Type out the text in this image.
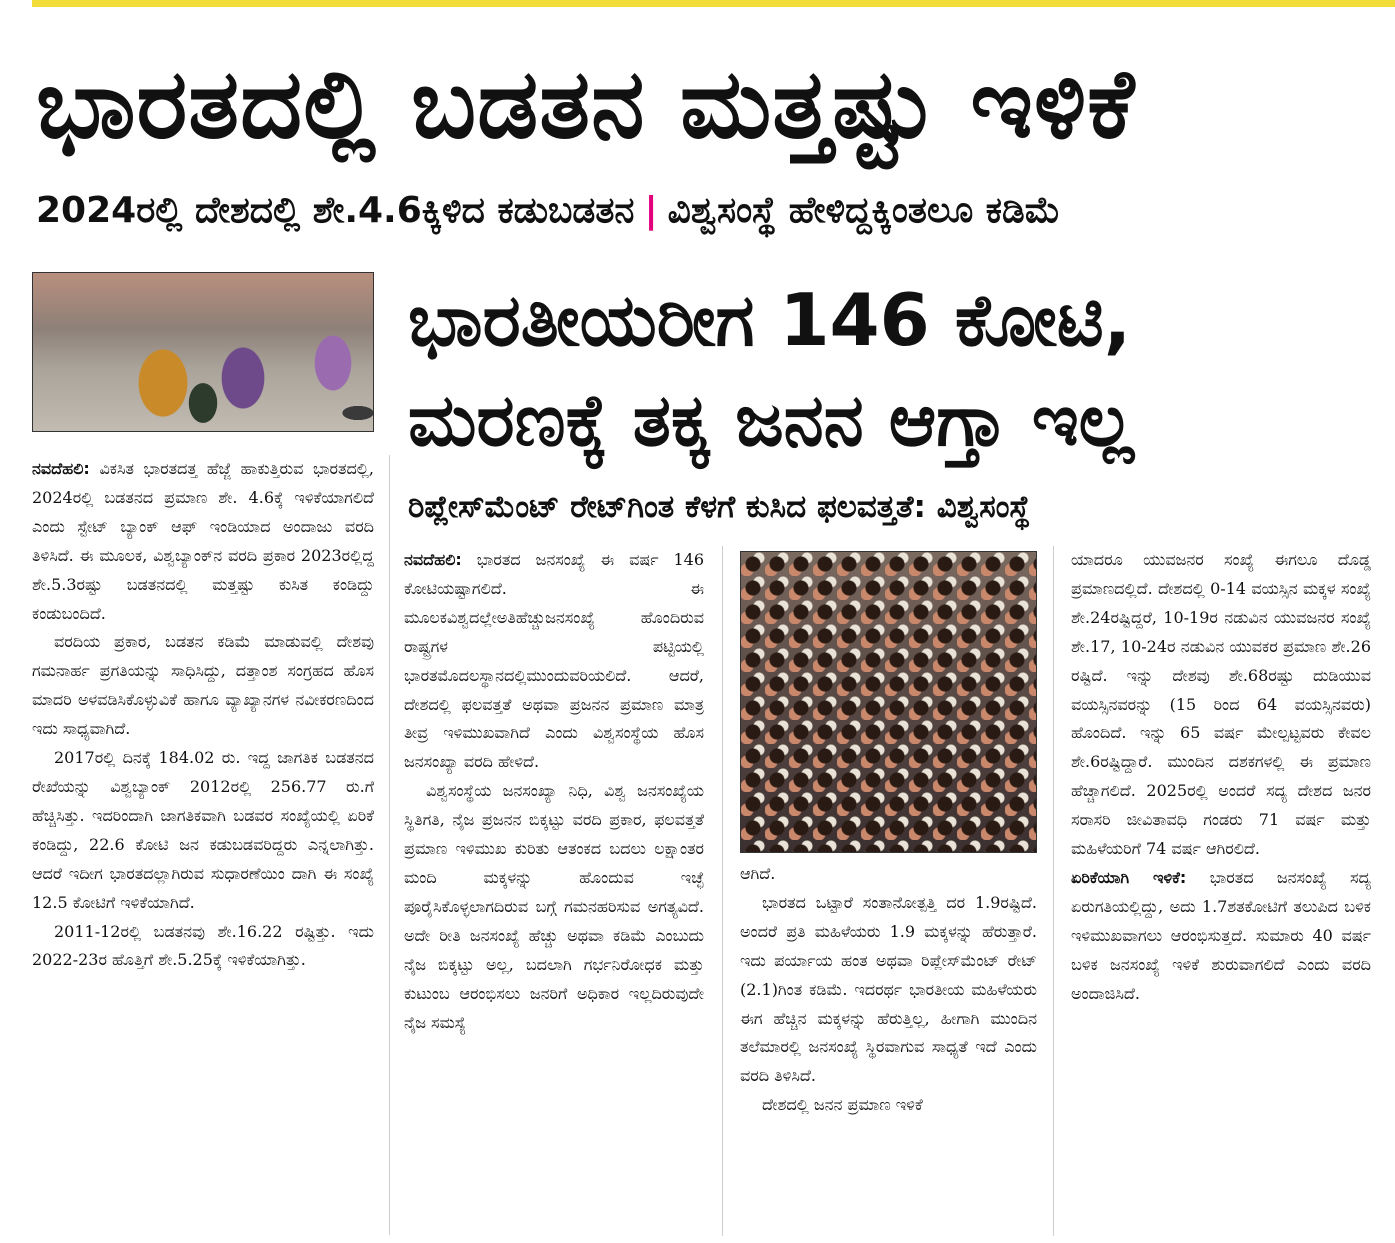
ಭಾರತದಲ್ಲಿ ಬಡತನ ಮತ್ತಷ್ಟು ಇಳಿಕೆ
2024ರಲ್ಲಿ ದೇಶದಲ್ಲಿ ಶೇ.4.6ಕ್ಕಿಳಿದ ಕಡುಬಡತನ | ವಿಶ್ವಸಂಸ್ಥೆ ಹೇಳಿದ್ದಕ್ಕಿಂತಲೂ ಕಡಿಮೆ
ಭಾರತೀಯರೀಗ 146 ಕೋಟಿ,
ಮರಣಕ್ಕೆ ತಕ್ಕ ಜನನ ಆಗ್ತಾ ಇಲ್ಲ
ರಿಪ್ಲೇಸ್‌ಮೆಂಟ್ ರೇಟ್‌ಗಿಂತ ಕೆಳಗೆ ಕುಸಿದ ಫಲವತ್ತತೆ: ವಿಶ್ವಸಂಸ್ಥೆ

ನವದೆಹಲಿ: ವಿಕಸಿತ ಭಾರತದತ್ತ ಹೆಜ್ಜೆ ಹಾಕುತ್ತಿರುವ ಭಾರತದಲ್ಲಿ, 2024ರಲ್ಲಿ ಬಡತನದ ಪ್ರಮಾಣ ಶೇ. 4.6ಕ್ಕೆ ಇಳಿಕೆಯಾಗಲಿದೆ ಎಂದು ಸ್ಟೇಟ್ ಬ್ಯಾಂಕ್ ಆಫ್ ಇಂಡಿಯಾದ ಅಂದಾಜು ವರದಿ ತಿಳಿಸಿದೆ. ಈ ಮೂಲಕ, ವಿಶ್ವಬ್ಯಾಂಕ್‌ನ ವರದಿ ಪ್ರಕಾರ 2023ರಲ್ಲಿದ್ದ ಶೇ.5.3ರಷ್ಟು ಬಡತನದಲ್ಲಿ ಮತ್ತಷ್ಟು ಕುಸಿತ ಕಂಡಿದ್ದು ಕಂಡುಬಂದಿದೆ.

ವರದಿಯ ಪ್ರಕಾರ, ಬಡತನ ಕಡಿಮೆ ಮಾಡುವಲ್ಲಿ ದೇಶವು ಗಮನಾರ್ಹ ಪ್ರಗತಿಯನ್ನು ಸಾಧಿಸಿದ್ದು, ದತ್ತಾಂಶ ಸಂಗ್ರಹದ ಹೊಸ ಮಾದರಿ ಅಳವಡಿಸಿಕೊಳ್ಳುವಿಕೆ ಹಾಗೂ ವ್ಯಾಖ್ಯಾನಗಳ ನವೀಕರಣದಿಂದ ಇದು ಸಾಧ್ಯವಾಗಿದೆ.

2017ರಲ್ಲಿ ದಿನಕ್ಕೆ 184.02 ರು. ಇದ್ದ ಜಾಗತಿಕ ಬಡತನದ ರೇಖೆಯನ್ನು ವಿಶ್ವಬ್ಯಾಂಕ್ 2012ರಲ್ಲಿ 256.77 ರು.ಗೆ ಹೆಚ್ಚಿಸಿತ್ತು. ಇದರಿಂದಾಗಿ ಜಾಗತಿಕವಾಗಿ ಬಡವರ ಸಂಖ್ಯೆಯಲ್ಲಿ ಏರಿಕೆ ಕಂಡಿದ್ದು, 22.6 ಕೋಟಿ ಜನ ಕಡುಬಡವರಿದ್ದರು ಎನ್ನಲಾಗಿತ್ತು. ಆದರೆ ಇದೀಗ ಭಾರತದಲ್ಲಾಗಿರುವ ಸುಧಾರಣೆಯಿಂ ದಾಗಿ ಈ ಸಂಖ್ಯೆ 12.5 ಕೋಟಿಗೆ ಇಳಿಕೆಯಾಗಿದೆ.

2011-12ರಲ್ಲಿ ಬಡತನವು ಶೇ.16.22 ರಷ್ಟಿತ್ತು. ಇದು 2022-23ರ ಹೊತ್ತಿಗೆ ಶೇ.5.25ಕ್ಕೆ ಇಳಿಕೆಯಾಗಿತ್ತು.

ನವದೆಹಲಿ: ಭಾರತದ ಜನಸಂಖ್ಯೆ ಈ ವರ್ಷ 146 ಕೋಟಿಯಷ್ಟಾಗಲಿದೆ. ಈ ಮೂಲಕವಿಶ್ವದಲ್ಲೇಅತಿಹೆಚ್ಚುಜನಸಂಖ್ಯೆ ಹೊಂದಿರುವ ರಾಷ್ಟ್ರಗಳ ಪಟ್ಟಿಯಲ್ಲಿ ಭಾರತಮೊದಲಸ್ಥಾನದಲ್ಲಿಮುಂದುವರಿಯಲಿದೆ. ಆದರೆ, ದೇಶದಲ್ಲಿ ಫಲವತ್ತತೆ ಅಥವಾ ಪ್ರಜನನ ಪ್ರಮಾಣ ಮಾತ್ರ ತೀವ್ರ ಇಳಿಮುಖವಾಗಿದೆ ಎಂದು ವಿಶ್ವಸಂಸ್ಥೆಯ ಹೊಸ ಜನಸಂಖ್ಯಾ ವರದಿ ಹೇಳಿದೆ.

ವಿಶ್ವಸಂಸ್ಥೆಯ ಜನಸಂಖ್ಯಾ ನಿಧಿ, ವಿಶ್ವ ಜನಸಂಖ್ಯೆಯ ಸ್ಥಿತಿಗತಿ, ನೈಜ ಪ್ರಜನನ ಬಿಕ್ಕಟ್ಟು ವರದಿ ಪ್ರಕಾರ, ಫಲವತ್ತತೆ ಪ್ರಮಾಣ ಇಳಿಮುಖ ಕುರಿತು ಆತಂಕದ ಬದಲು ಲಕ್ಷಾಂತರ ಮಂದಿ ಮಕ್ಕಳನ್ನು ಹೊಂದುವ ಇಚ್ಛೆ ಪೂರೈಸಿಕೊಳ್ಳಲಾಗದಿರುವ ಬಗ್ಗೆ ಗಮನಹರಿಸುವ ಅಗತ್ಯವಿದೆ. ಅದೇ ರೀತಿ ಜನಸಂಖ್ಯೆ ಹೆಚ್ಚು ಅಥವಾ ಕಡಿಮೆ ಎಂಬುದು ನೈಜ ಬಿಕ್ಕಟ್ಟು ಅಲ್ಲ, ಬದಲಾಗಿ ಗರ್ಭನಿರೋಧಕ ಮತ್ತು ಕುಟುಂಬ ಆರಂಭಿಸಲು ಜನರಿಗೆ ಅಧಿಕಾರ ಇಲ್ಲದಿರುವುದೇ ನೈಜ ಸಮಸ್ಯೆ

ಆಗಿದೆ.

ಭಾರತದ ಒಟ್ಟಾರೆ ಸಂತಾನೋತ್ಪತ್ತಿ ದರ 1.9ರಷ್ಟಿದೆ. ಅಂದರೆ ಪ್ರತಿ ಮಹಿಳೆಯರು 1.9 ಮಕ್ಕಳನ್ನು ಹೆರುತ್ತಾರೆ. ಇದು ಪರ್ಯಾಯ ಹಂತ ಅಥವಾ ರಿಪ್ಲೇಸ್‌ಮೆಂಟ್ ರೇಟ್ (2.1)ಗಿಂತ ಕಡಿಮೆ. ಇದರರ್ಥ ಭಾರತೀಯ ಮಹಿಳೆಯರು ಈಗ ಹೆಚ್ಚಿನ ಮಕ್ಕಳನ್ನು ಹೆರುತ್ತಿಲ್ಲ, ಹೀಗಾಗಿ ಮುಂದಿನ ತಲೆಮಾರಲ್ಲಿ ಜನಸಂಖ್ಯೆ ಸ್ಥಿರವಾಗುವ ಸಾಧ್ಯತೆ ಇದೆ ಎಂದು ವರದಿ ತಿಳಿಸಿದೆ.

ದೇಶದಲ್ಲಿ ಜನನ ಪ್ರಮಾಣ ಇಳಿಕೆ

ಯಾದರೂ ಯುವಜನರ ಸಂಖ್ಯೆ ಈಗಲೂ ದೊಡ್ಡ ಪ್ರಮಾಣದಲ್ಲಿದೆ. ದೇಶದಲ್ಲಿ 0-14 ವಯಸ್ಸಿನ ಮಕ್ಕಳ ಸಂಖ್ಯೆ ಶೇ.24ರಷ್ಟಿದ್ದರೆ, 10-19ರ ನಡುವಿನ ಯುವಜನರ ಸಂಖ್ಯೆ ಶೇ.17, 10-24ರ ನಡುವಿನ ಯುವಕರ ಪ್ರಮಾಣ ಶೇ.26 ರಷ್ಟಿದೆ. ಇನ್ನು ದೇಶವು ಶೇ.68ರಷ್ಟು ದುಡಿಯುವ ವಯಸ್ಸಿನವರನ್ನು (15 ರಿಂದ 64 ವಯಸ್ಸಿನವರು) ಹೊಂದಿದೆ. ಇನ್ನು 65 ವರ್ಷ ಮೇಲ್ಪಟ್ಟವರು ಕೇವಲ ಶೇ.6ರಷ್ಟಿದ್ದಾರೆ. ಮುಂದಿನ ದಶಕಗಳಲ್ಲಿ ಈ ಪ್ರಮಾಣ ಹೆಚ್ಚಾಗಲಿದೆ. 2025ರಲ್ಲಿ ಅಂದರೆ ಸದ್ಯ ದೇಶದ ಜನರ ಸರಾಸರಿ ಜೀವಿತಾವಧಿ ಗಂಡರು 71 ವರ್ಷ ಮತ್ತು ಮಹಿಳೆಯರಿಗೆ 74 ವರ್ಷ ಆಗಿರಲಿದೆ.

ಏರಿಕೆಯಾಗಿ ಇಳಿಕೆ: ಭಾರತದ ಜನಸಂಖ್ಯೆ ಸದ್ಯ ಏರುಗತಿಯಲ್ಲಿದ್ದು, ಅದು 1.7ಶತಕೋಟಿಗೆ ತಲುಪಿದ ಬಳಿಕ ಇಳಿಮುಖವಾಗಲು ಆರಂಭಿಸುತ್ತದೆ. ಸುಮಾರು 40 ವರ್ಷ ಬಳಿಕ ಜನಸಂಖ್ಯೆ ಇಳಿಕೆ ಶುರುವಾಗಲಿದೆ ಎಂದು ವರದಿ ಅಂದಾಜಿಸಿದೆ.
